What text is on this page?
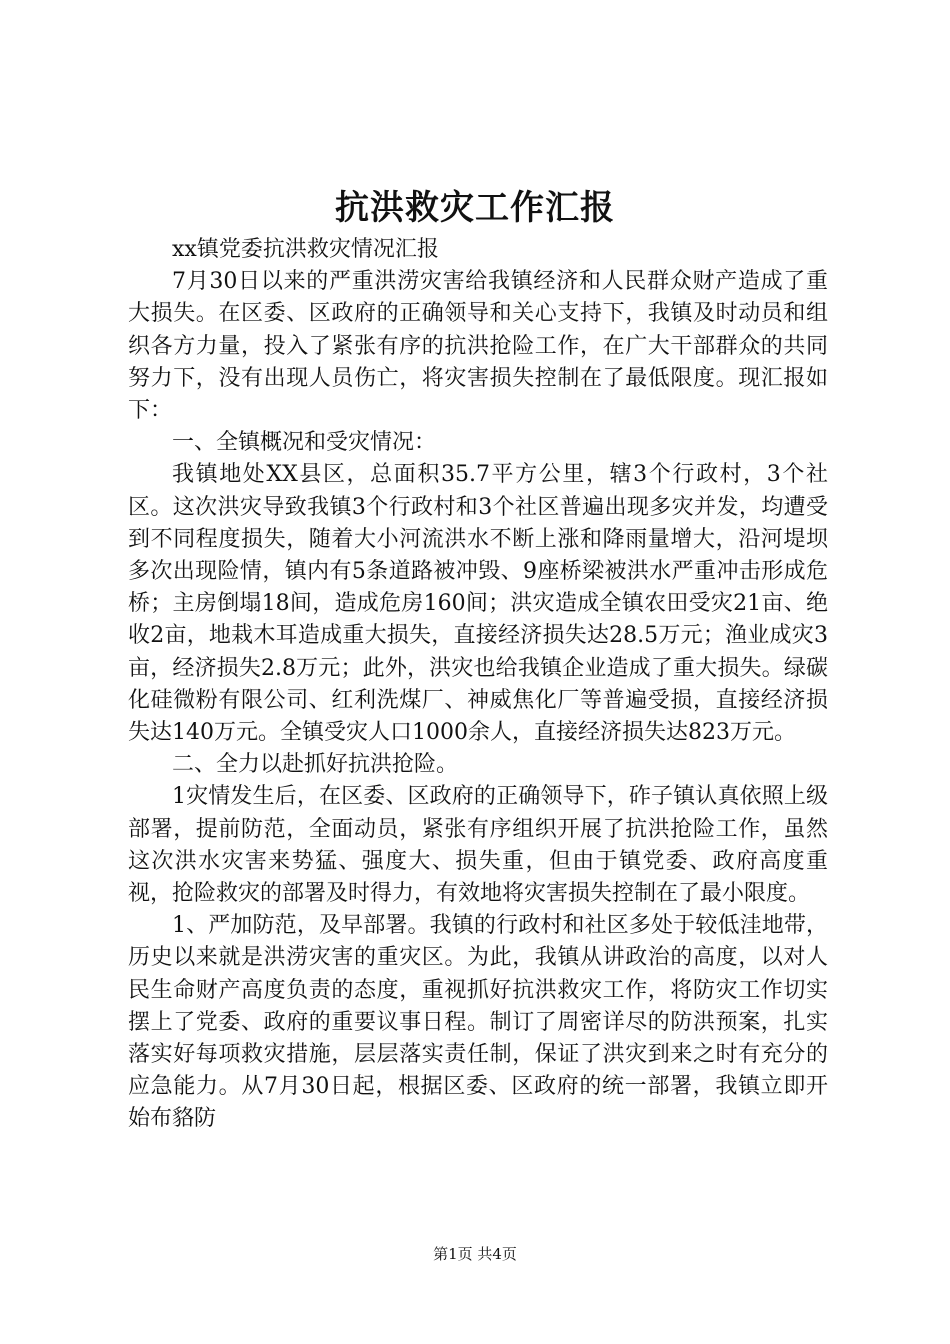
抗洪救灾工作汇报

xx镇党委抗洪救灾情况汇报

7月30日以来的严重洪涝灾害给我镇经济和人民群众财产造成了重大损失。在区委、区政府的正确领导和关心支持下，我镇及时动员和组织各方力量，投入了紧张有序的抗洪抢险工作，在广大干部群众的共同努力下，没有出现人员伤亡，将灾害损失控制在了最低限度。现汇报如下：

一、全镇概况和受灾情况：

我镇地处XX县区，总面积35.7平方公里，辖3个行政村，3个社区。这次洪灾导致我镇3个行政村和3个社区普遍出现多灾并发，均遭受到不同程度损失，随着大小河流洪水不断上涨和降雨量增大，沿河堤坝多次出现险情，镇内有5条道路被冲毁、9座桥梁被洪水严重冲击形成危桥；主房倒塌18间，造成危房160间；洪灾造成全镇农田受灾21亩、绝收2亩，地栽木耳造成重大损失，直接经济损失达28.5万元；渔业成灾3亩，经济损失2.8万元；此外，洪灾也给我镇企业造成了重大损失。绿碳化硅微粉有限公司、红利洗煤厂、神威焦化厂等普遍受损，直接经济损失达140万元。全镇受灾人口1000余人，直接经济损失达823万元。

二、全力以赴抓好抗洪抢险。

1灾情发生后，在区委、区政府的正确领导下，砟子镇认真依照上级部署，提前防范，全面动员，紧张有序组织开展了抗洪抢险工作，虽然这次洪水灾害来势猛、强度大、损失重，但由于镇党委、政府高度重视，抢险救灾的部署及时得力，有效地将灾害损失控制在了最小限度。

1、严加防范，及早部署。我镇的行政村和社区多处于较低洼地带，历史以来就是洪涝灾害的重灾区。为此，我镇从讲政治的高度，以对人民生命财产高度负责的态度，重视抓好抗洪救灾工作，将防灾工作切实摆上了党委、政府的重要议事日程。制订了周密详尽的防洪预案，扎实落实好每项救灾措施，层层落实责任制，保证了洪灾到来之时有充分的应急能力。从7月30日起，根据区委、区政府的统一部署，我镇立即开始布貉防

第1页 共4页
